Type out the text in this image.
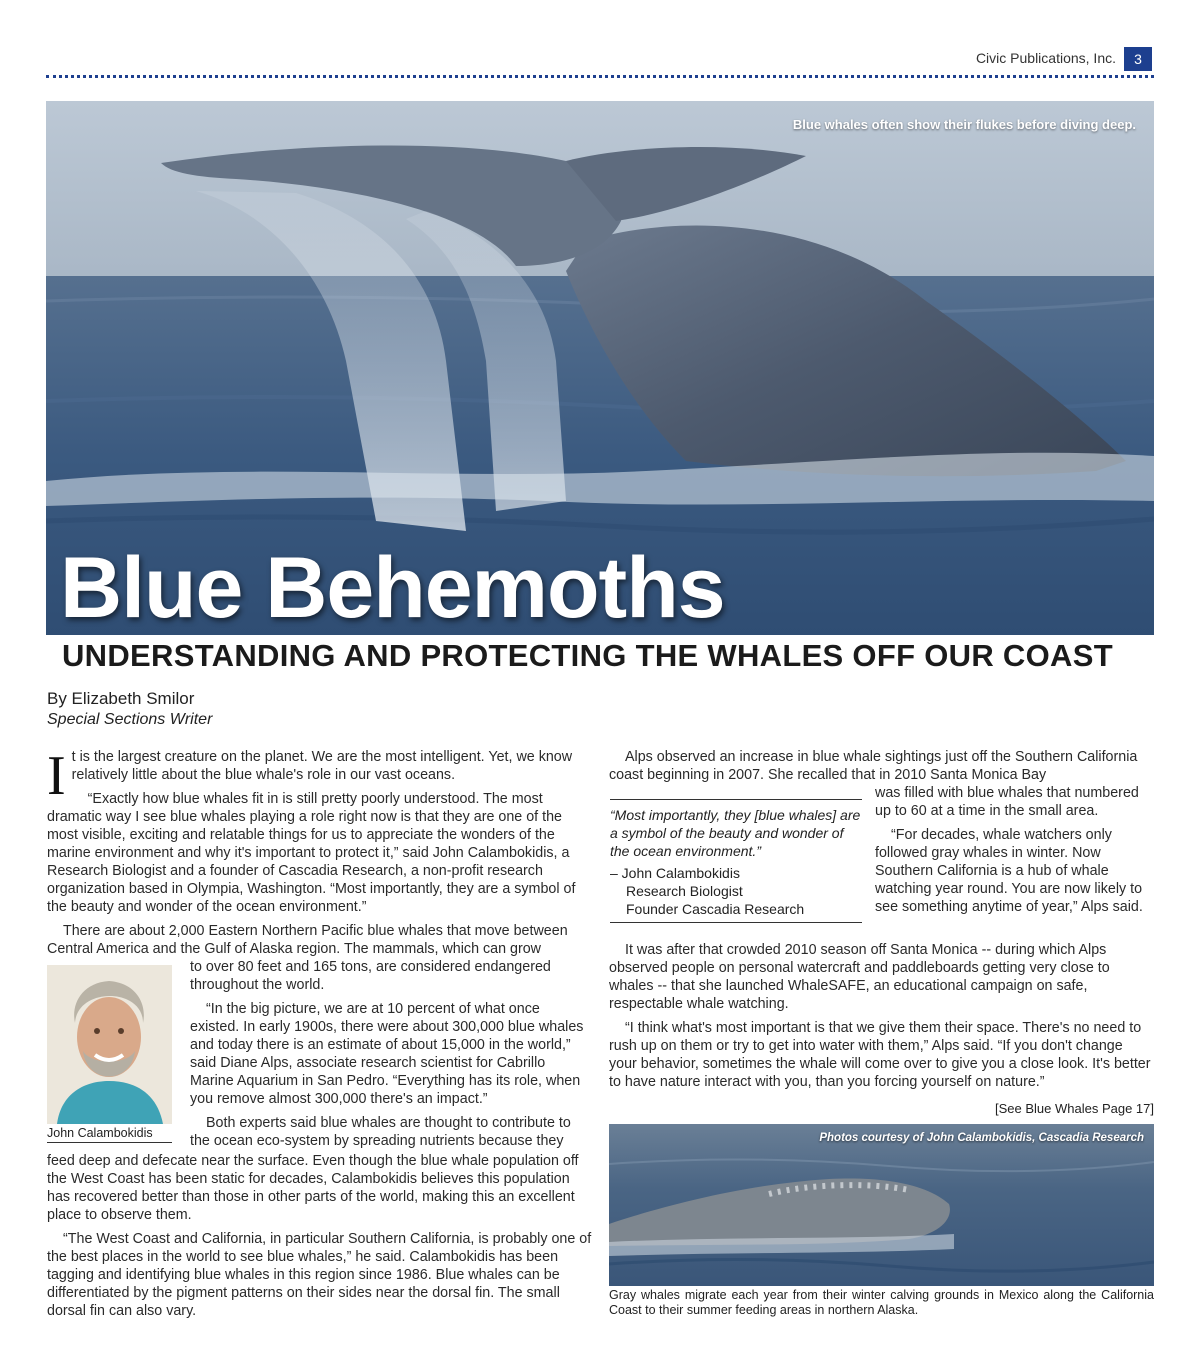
Civic Publications, Inc.	3
Blue whales often show their flukes before diving deep.
Blue Behemoths
UNDERSTANDING AND PROTECTING THE WHALES OFF OUR COAST
By Elizabeth Smilor
Special Sections Writer

I t is the largest creature on the planet. We are the most intelligent. Yet, we know relatively little about the blue whale's role in our vast oceans.

“Exactly how blue whales fit in is still pretty poorly understood. The most dramatic way I see blue whales playing a role right now is that they are one of the most visible, exciting and relatable things for us to appreciate the wonders of the marine environment and why it's important to protect it,” said John Calambokidis, a Research Biologist and a founder of Cascadia Research, a non-profit research organization based in Olympia, Washington. “Most importantly, they are a symbol of the beauty and wonder of the ocean environment.”

There are about 2,000 Eastern Northern Pacific blue whales that move between Central America and the Gulf of Alaska region. The mammals, which can grow

to over 80 feet and 165 tons, are considered endangered throughout the world.

“In the big picture, we are at 10 percent of what once existed. In early 1900s, there were about 300,000 blue whales and today there is an estimate of about 15,000 in the world,” said Diane Alps, associate research scientist for Cabrillo Marine Aquarium in San Pedro. “Everything has its role, when you remove almost 300,000 there's an impact.”

Both experts said blue whales are thought to contribute to the ocean eco-system by spreading nutrients because they

feed deep and defecate near the surface. Even though the blue whale population off the West Coast has been static for decades, Calambokidis believes this population has recovered better than those in other parts of the world, making this an excellent place to observe them.

“The West Coast and California, in particular Southern California, is probably one of the best places in the world to see blue whales,” he said. Calambokidis has been tagging and identifying blue whales in this region since 1986. Blue whales can be differentiated by the pigment patterns on their sides near the dorsal fin. The small dorsal fin can also vary.

John Calambokidis

Alps observed an increase in blue whale sightings just off the Southern California coast beginning in 2007. She recalled that in 2010 Santa Monica Bay

“Most importantly, they [blue whales] are a symbol of the beauty and wonder of the ocean environment.”

– John Calambokidis

Research Biologist

Founder Cascadia Research

was filled with blue whales that numbered up to 60 at a time in the small area.

“For decades, whale watchers only followed gray whales in winter. Now Southern California is a hub of whale watching year round. You are now likely to see something anytime of year,” Alps said.

It was after that crowded 2010 season off Santa Monica -- during which Alps observed people on personal watercraft and paddleboards getting very close to whales -- that she launched WhaleSAFE, an educational campaign on safe, respectable whale watching.

“I think what's most important is that we give them their space. There's no need to rush up on them or try to get into water with them,” Alps said. “If you don't change your behavior, sometimes the whale will come over to give you a close look. It's better to have nature interact with you, than you forcing yourself on nature.”

[See Blue Whales Page 17]
Photos courtesy of John Calambokidis, Cascadia Research
Gray whales migrate each year from their winter calving grounds in Mexico along the California Coast to their summer feeding areas in northern Alaska.
